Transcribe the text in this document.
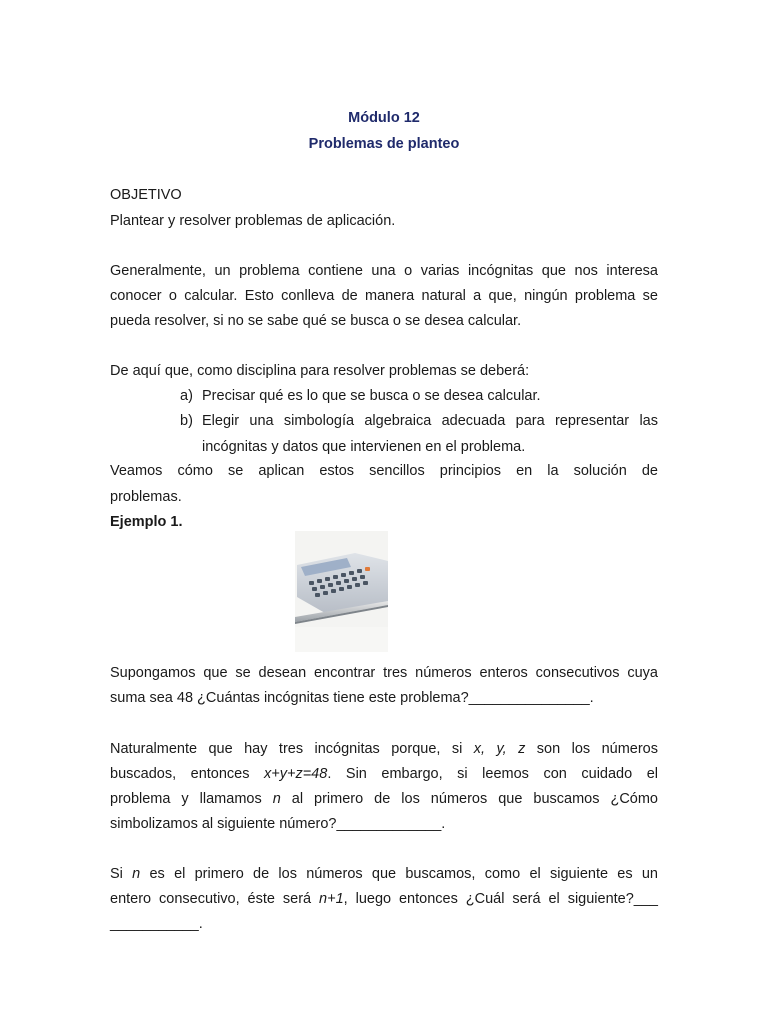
Módulo 12
Problemas de planteo
OBJETIVO
Plantear y resolver problemas de aplicación.
Generalmente, un problema contiene una o varias incógnitas que nos interesa
conocer o calcular. Esto conlleva de manera natural a que, ningún problema se
pueda resolver, si no se sabe qué se busca o se desea calcular.
De aquí que, como disciplina para resolver problemas se deberá:
a) Precisar qué es lo que se busca o se desea calcular.
b) Elegir una simbología algebraica adecuada para representar las
incógnitas y datos que intervienen en el problema.
Veamos cómo se aplican estos sencillos principios en la solución de
problemas.
Ejemplo 1.
Supongamos que se desean encontrar tres números enteros consecutivos cuya
suma sea 48 ¿Cuántas incógnitas tiene este problema?_______________.
Naturalmente que hay tres incógnitas porque, si x, y, z son los números
buscados, entonces x+y+z=48. Sin embargo, si leemos con cuidado el
problema y llamamos n al primero de los números que buscamos ¿Cómo
simbolizamos al siguiente número?_____________.
Si n es el primero de los números que buscamos, como el siguiente es un
entero consecutivo, éste será n+1, luego entonces ¿Cuál será el siguiente?___
___________.
